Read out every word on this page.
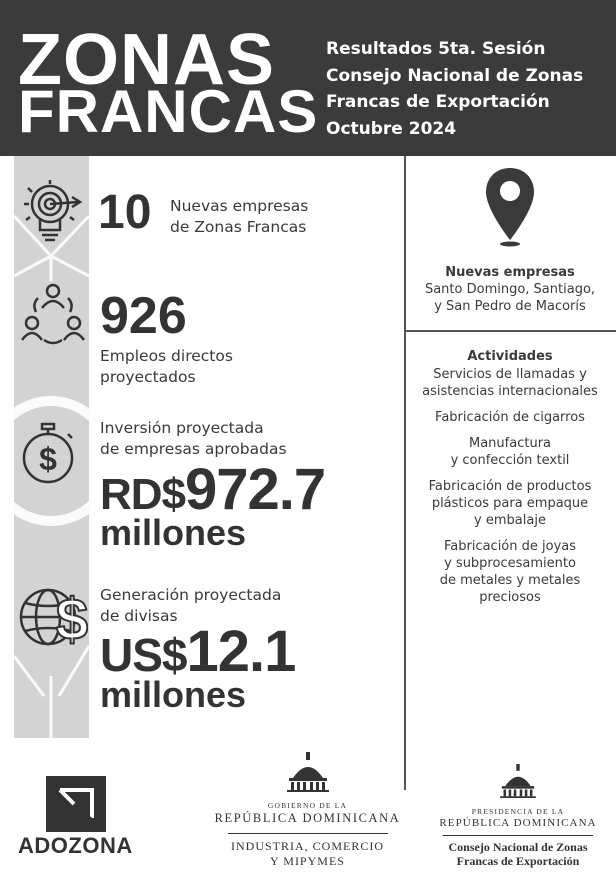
ZONAS
FRANCAS
Resultados 5ta. Sesión
Consejo Nacional de Zonas
Francas de Exportación
Octubre 2024
$
$
10 Nuevas empresas
de Zonas Francas
926
Empleos directos
proyectados
Inversión proyectada
de empresas aprobadas
RD$972.7
millones
Generación proyectada
de divisas
US$12.1
millones
Nuevas empresas
Santo Domingo, Santiago,
y San Pedro de Macorís
Actividades
Servicios de llamadas y
asistencias internacionales
Fabricación de cigarros
Manufactura
y confección textil
Fabricación de productos
plásticos para empaque
y embalaje
Fabricación de joyas
y subprocesamiento
de metales y metales
preciosos
ADOZONA
GOBIERNO DE LA
REPÚBLICA DOMINICANA
INDUSTRIA, COMERCIO
Y MIPYMES
PRESIDENCIA DE LA
REPÚBLICA DOMINICANA
Consejo Nacional de Zonas
Francas de Exportación
